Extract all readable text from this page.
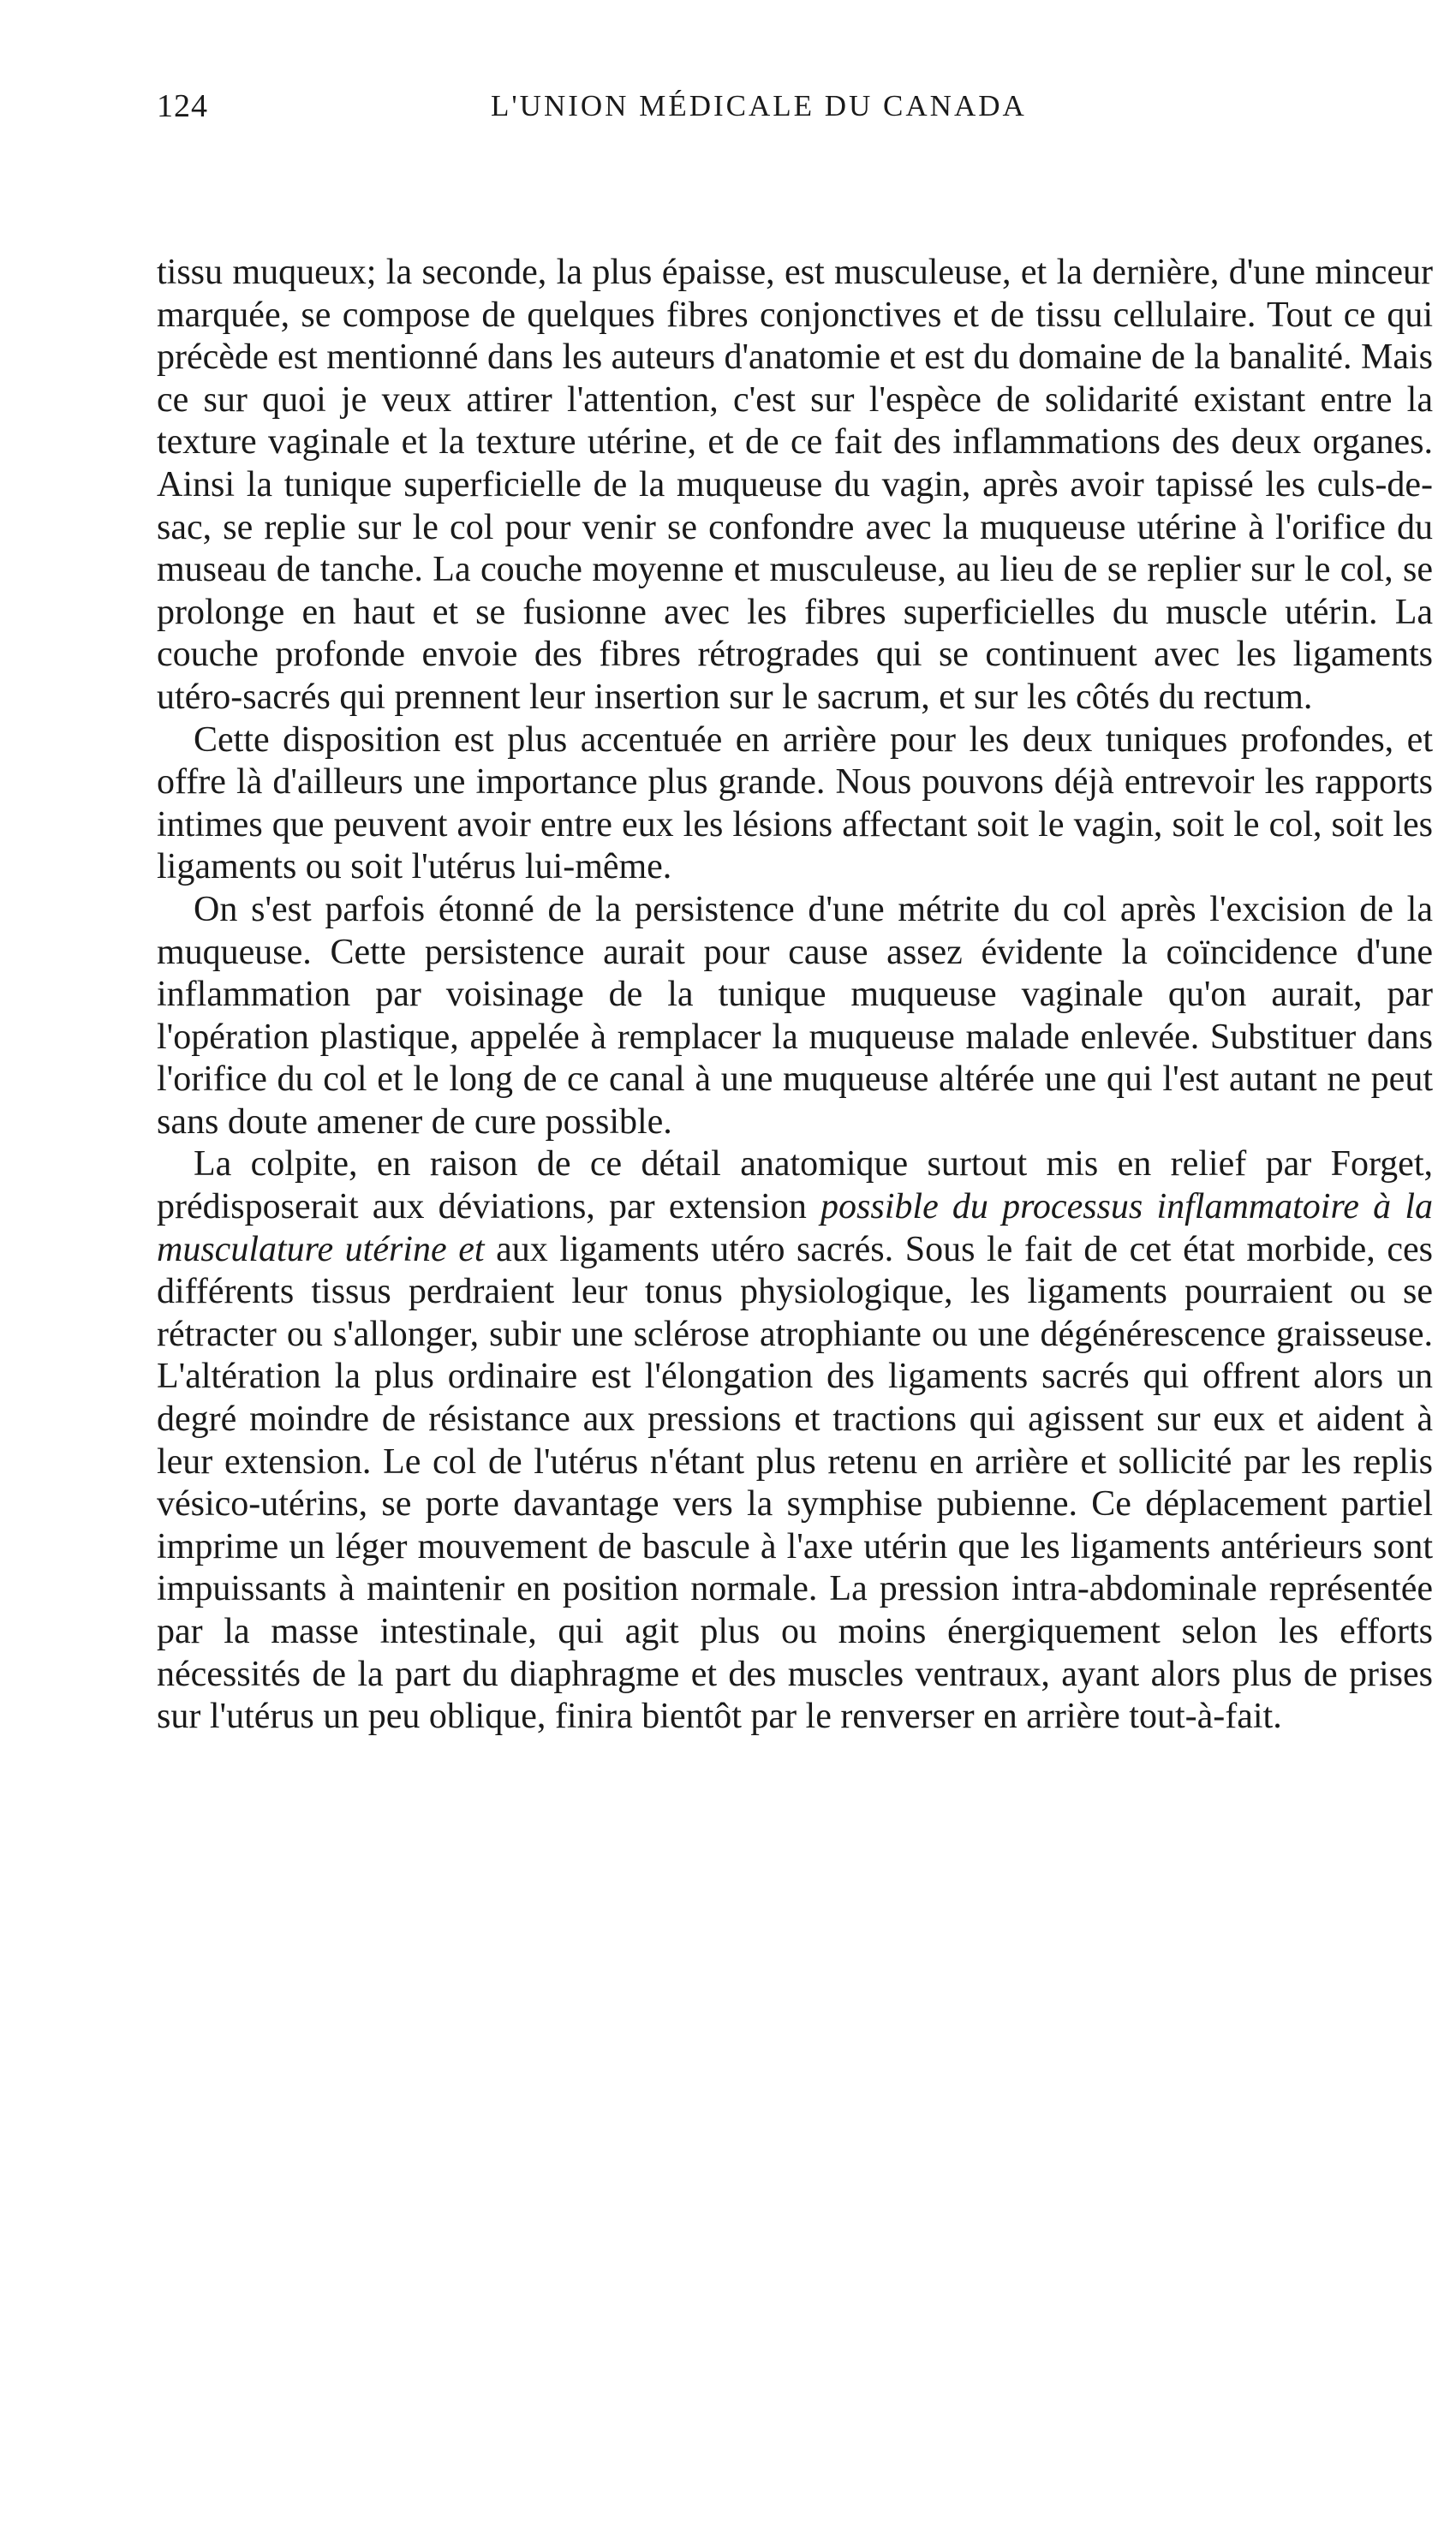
124	L'UNION MÉDICALE DU CANADA

tissu muqueux; la seconde, la plus épaisse, est musculeuse, et la dernière, d'une minceur marquée, se compose de quelques fibres conjonctives et de tissu cellulaire. Tout ce qui précède est mentionné dans les auteurs d'anatomie et est du domaine de la banalité. Mais ce sur quoi je veux attirer l'attention, c'est sur l'espèce de solidarité existant entre la texture vaginale et la texture utérine, et de ce fait des inflammations des deux organes. Ainsi la tunique superficielle de la muqueuse du vagin, après avoir tapissé les culs-de-sac, se replie sur le col pour venir se confondre avec la muqueuse utérine à l'orifice du museau de tanche. La couche moyenne et musculeuse, au lieu de se replier sur le col, se prolonge en haut et se fusionne avec les fibres superficielles du muscle utérin. La couche profonde envoie des fibres rétrogrades qui se continuent avec les ligaments utéro-sacrés qui prennent leur insertion sur le sacrum, et sur les côtés du rectum.

Cette disposition est plus accentuée en arrière pour les deux tuniques profondes, et offre là d'ailleurs une importance plus grande. Nous pouvons déjà entrevoir les rapports intimes que peuvent avoir entre eux les lésions affectant soit le vagin, soit le col, soit les ligaments ou soit l'utérus lui-même.

On s'est parfois étonné de la persistence d'une métrite du col après l'excision de la muqueuse. Cette persistence aurait pour cause assez évidente la coïncidence d'une inflammation par voisinage de la tunique muqueuse vaginale qu'on aurait, par l'opération plastique, appelée à remplacer la muqueuse malade enlevée. Substituer dans l'orifice du col et le long de ce canal à une muqueuse altérée une qui l'est autant ne peut sans doute amener de cure possible.

La colpite, en raison de ce détail anatomique surtout mis en relief par Forget, prédisposerait aux déviations, par extension possible du processus inflammatoire à la musculature utérine et aux ligaments utéro sacrés. Sous le fait de cet état morbide, ces différents tissus perdraient leur tonus physiologique, les ligaments pourraient ou se rétracter ou s'allonger, subir une sclérose atrophiante ou une dégénérescence graisseuse. L'altération la plus ordinaire est l'élongation des ligaments sacrés qui offrent alors un degré moindre de résistance aux pressions et tractions qui agissent sur eux et aident à leur extension. Le col de l'utérus n'étant plus retenu en arrière et sollicité par les replis vésico-utérins, se porte davantage vers la symphise pubienne. Ce déplacement partiel imprime un léger mouvement de bascule à l'axe utérin que les ligaments antérieurs sont impuissants à maintenir en position normale. La pression intra-abdominale représentée par la masse intestinale, qui agit plus ou moins énergiquement selon les efforts nécessités de la part du diaphragme et des muscles ventraux, ayant alors plus de prises sur l'utérus un peu oblique, finira bientôt par le renverser en arrière tout-à-fait.
